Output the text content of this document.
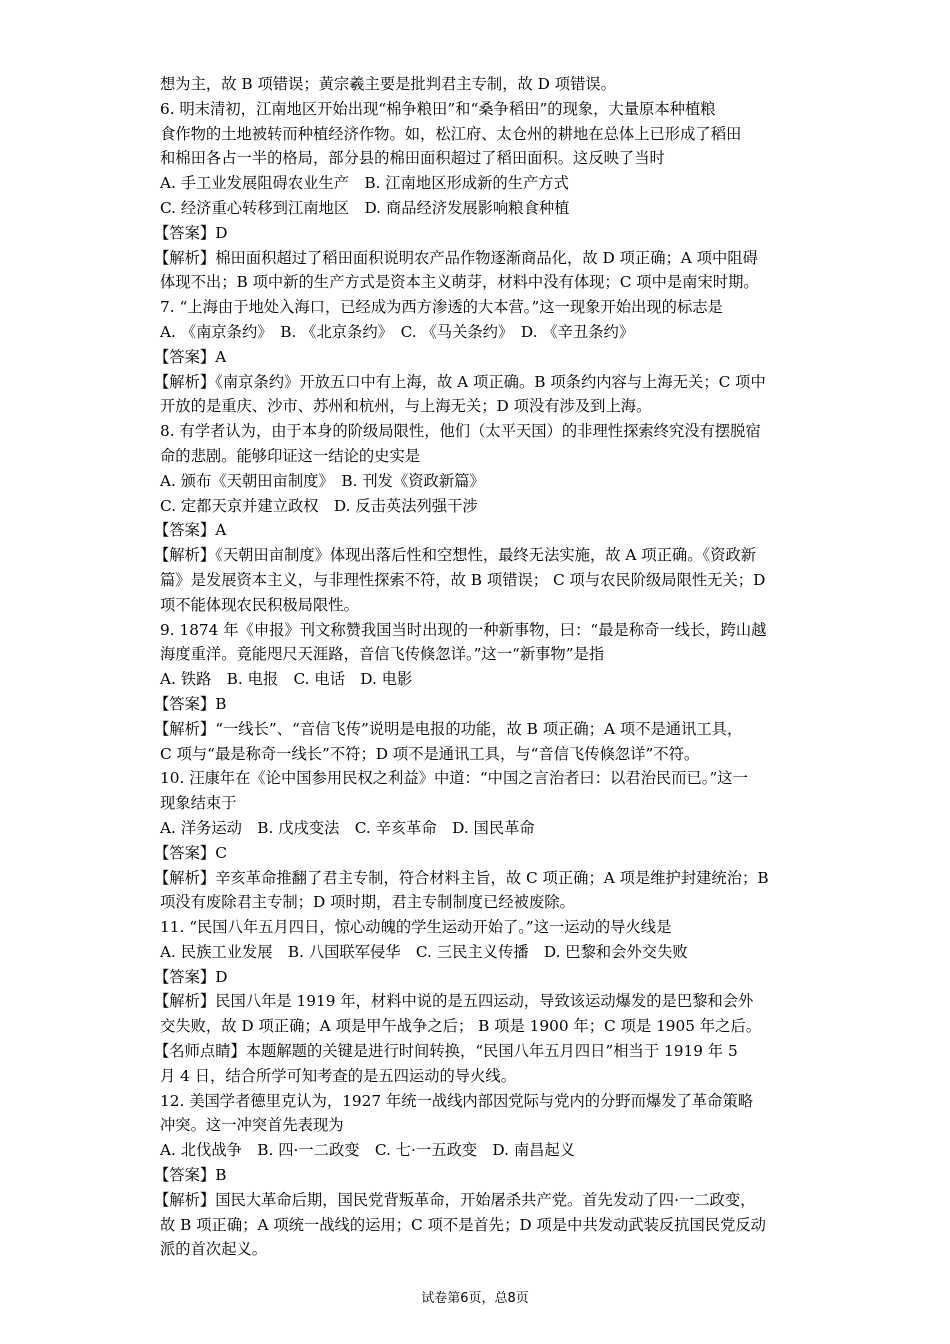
想为主，故 B 项错误；黄宗羲主要是批判君主专制，故 D 项错误。
6. 明末清初，江南地区开始出现“棉争粮田”和“桑争稻田”的现象，大量原本种植粮
食作物的土地被转而种植经济作物。如，松江府、太仓州的耕地在总体上已形成了稻田
和棉田各占一半的格局，部分县的棉田面积超过了稻田面积。这反映了当时
A. 手工业发展阻碍农业生产　B. 江南地区形成新的生产方式
C. 经济重心转移到江南地区　D. 商品经济发展影响粮食种植
【答案】D
【解析】棉田面积超过了稻田面积说明农产品作物逐渐商品化，故 D 项正确；A 项中阻碍
体现不出；B 项中新的生产方式是资本主义萌芽，材料中没有体现；C 项中是南宋时期。
7. “上海由于地处入海口，已经成为西方渗透的大本营。”这一现象开始出现的标志是
A. 《南京条约》　B. 《北京条约》　C. 《马关条约》　D. 《辛丑条约》
【答案】A
【解析】《南京条约》开放五口中有上海，故 A 项正确。B 项条约内容与上海无关；C 项中
开放的是重庆、沙市、苏州和杭州，与上海无关；D 项没有涉及到上海。
8. 有学者认为，由于本身的阶级局限性，他们（太平天国）的非理性探索终究没有摆脱宿
命的悲剧。能够印证这一结论的史实是
A. 颁布《天朝田亩制度》　B. 刊发《资政新篇》
C. 定都天京并建立政权　D. 反击英法列强干涉
【答案】A
【解析】《天朝田亩制度》体现出落后性和空想性，最终无法实施，故 A 项正确。《资政新
篇》是发展资本主义，与非理性探索不符，故 B 项错误； C 项与农民阶级局限性无关；D
项不能体现农民积极局限性。
9. 1874 年《申报》刊文称赞我国当时出现的一种新事物，曰：“最是称奇一线长，跨山越
海度重洋。竟能咫尺天涯路，音信飞传倏忽详。”这一“新事物”是指
A. 铁路　B. 电报　C. 电话　D. 电影
【答案】B
【解析】“一线长”、“音信飞传”说明是电报的功能，故 B 项正确；A 项不是通讯工具，
C 项与“最是称奇一线长”不符；D 项不是通讯工具，与“音信飞传倏忽详”不符。
10. 汪康年在《论中国参用民权之利益》中道：“中国之言治者曰：以君治民而已。”这一
现象结束于
A. 洋务运动　B. 戊戌变法　C. 辛亥革命　D. 国民革命
【答案】C
【解析】辛亥革命推翻了君主专制，符合材料主旨，故 C 项正确；A 项是维护封建统治；B
项没有废除君主专制；D 项时期，君主专制制度已经被废除。
11. “民国八年五月四日，惊心动魄的学生运动开始了。”这一运动的导火线是
A. 民族工业发展　B. 八国联军侵华　C. 三民主义传播　D. 巴黎和会外交失败
【答案】D
【解析】民国八年是 1919 年，材料中说的是五四运动，导致该运动爆发的是巴黎和会外
交失败，故 D 项正确；A 项是甲午战争之后； B 项是 1900 年；C 项是 1905 年之后。
【名师点睛】本题解题的关键是进行时间转换，“民国八年五月四日”相当于 1919 年 5
月 4 日，结合所学可知考查的是五四运动的导火线。
12. 美国学者德里克认为，1927 年统一战线内部因党际与党内的分野而爆发了革命策略
冲突。这一冲突首先表现为
A. 北伐战争　B. 四·一二政变　C. 七·一五政变　D. 南昌起义
【答案】B
【解析】国民大革命后期，国民党背叛革命，开始屠杀共产党。首先发动了四·一二政变，
故 B 项正确；A 项统一战线的运用；C 项不是首先；D 项是中共发动武装反抗国民党反动
派的首次起义。
试卷第6页，总8页
